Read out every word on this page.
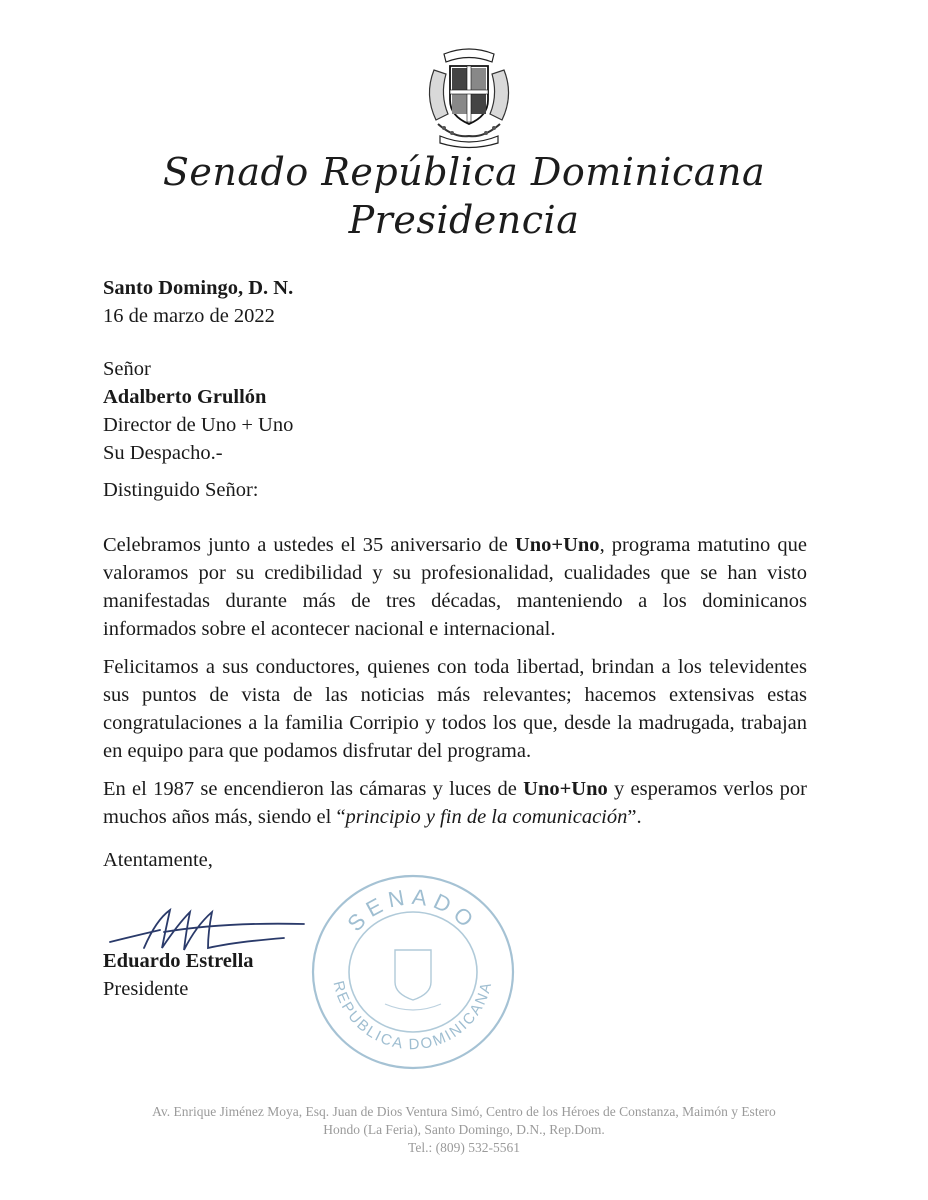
Senado República Dominicana
Presidencia
Santo Domingo, D. N.
16 de marzo de 2022
Señor
Adalberto Grullón
Director de Uno + Uno
Su Despacho.-
Distinguido Señor:

Celebramos junto a ustedes el 35 aniversario de Uno+Uno, programa matutino que valoramos por su credibilidad y su profesionalidad, cualidades que se han visto manifestadas durante más de tres décadas, manteniendo a los dominicanos informados sobre el acontecer nacional e internacional.

Felicitamos a sus conductores, quienes con toda libertad, brindan a los televidentes sus puntos de vista de las noticias más relevantes; hacemos extensivas estas congratulaciones a la familia Corripio y todos los que, desde la madrugada, trabajan en equipo para que podamos disfrutar del programa.

En el 1987 se encendieron las cámaras y luces de Uno+Uno y esperamos verlos por muchos años más, siendo el “principio y fin de la comunicación”.

Atentamente,
SENADO
REPUBLICA DOMINICANA
Eduardo Estrella
Presidente
Av. Enrique Jiménez Moya, Esq. Juan de Dios Ventura Simó, Centro de los Héroes de Constanza, Maimón y Estero
Hondo (La Feria), Santo Domingo, D.N., Rep.Dom.
Tel.: (809) 532-5561
